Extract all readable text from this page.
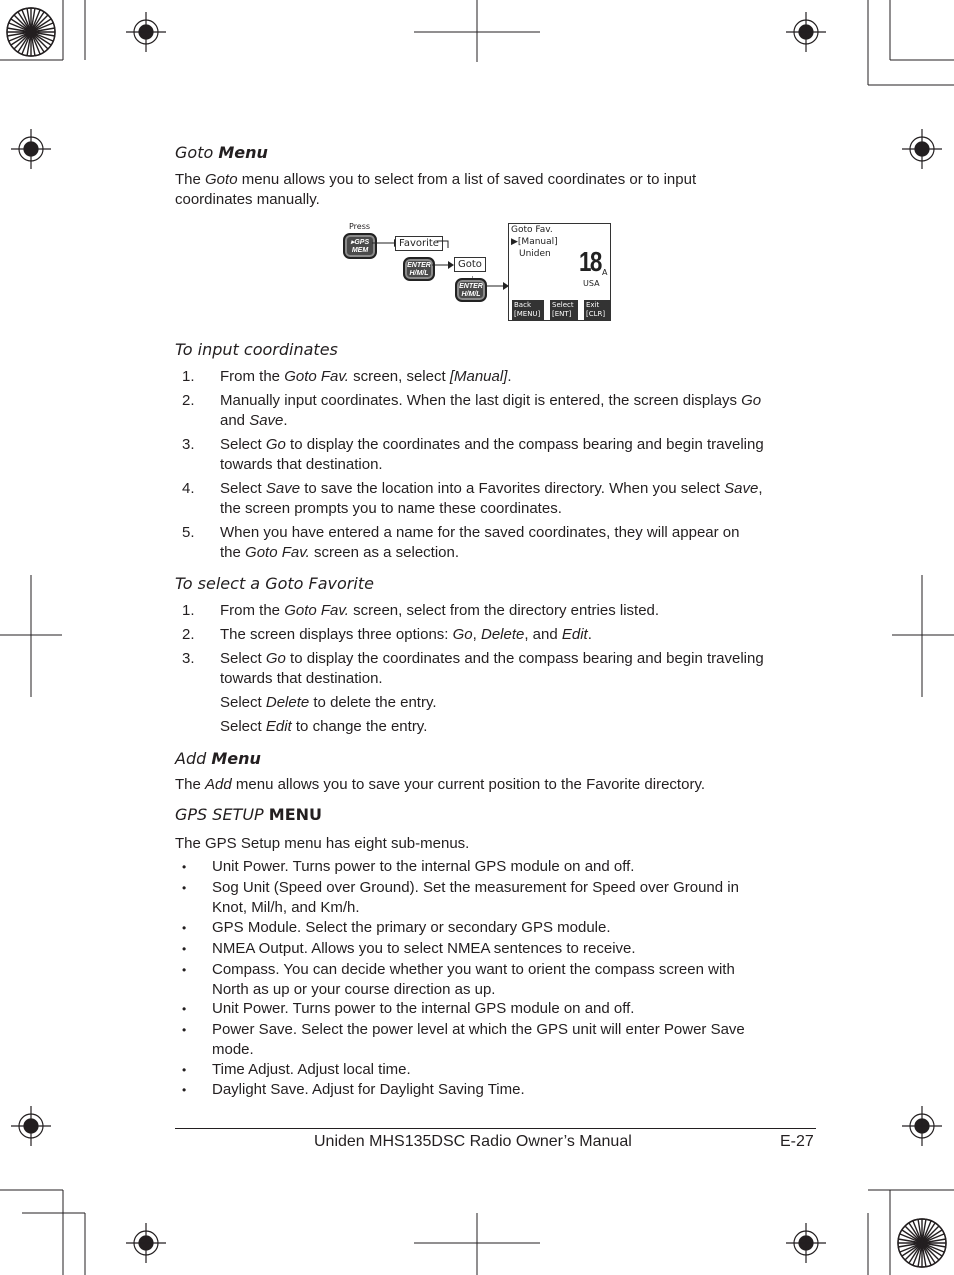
Goto Menu
The Goto menu allows you to select from a list of saved coordinates or to input coordinates manually.
Press
▸GPS
MEM
Favorite
ENTER
H/M/L
Goto
ENTER
H/M/L
Goto Fav.
▶[Manual]
Uniden 18 A
USA
Back
[MENU]
Select
[ENT]
Exit
[CLR]
To input coordinates
1.	From the Goto Fav. screen, select [Manual].
2.	Manually input coordinates. When the last digit is entered, the screen displays Go
and Save.
3.	Select Go to display the coordinates and the compass bearing and begin traveling
towards that destination.
4.	Select Save to save the location into a Favorites directory. When you select Save,
the screen prompts you to name these coordinates.
5.	When you have entered a name for the saved coordinates, they will appear on
the Goto Fav. screen as a selection.
To select a Goto Favorite
1.	From the Goto Fav. screen, select from the directory entries listed.
2.	The screen displays three options: Go, Delete, and Edit.
3.	Select Go to display the coordinates and the compass bearing and begin traveling
towards that destination.
Select Delete to delete the entry.
Select Edit to change the entry.
Add Menu
The Add menu allows you to save your current position to the Favorite directory.
GPS SETUP MENU
The GPS Setup menu has eight sub-menus.
• Unit Power. Turns power to the internal GPS module on and off.
• Sog Unit (Speed over Ground). Set the measurement for Speed over Ground in
Knot, Mil/h, and Km/h.
• GPS Module. Select the primary or secondary GPS module.
• NMEA Output. Allows you to select NMEA sentences to receive.
• Compass. You can decide whether you want to orient the compass screen with
North as up or your course direction as up.
• Unit Power. Turns power to the internal GPS module on and off.
• Power Save. Select the power level at which the GPS unit will enter Power Save
mode.
• Time Adjust. Adjust local time.
• Daylight Save. Adjust for Daylight Saving Time.
Uniden MHS135DSC Radio Owner’s Manual	E-27
